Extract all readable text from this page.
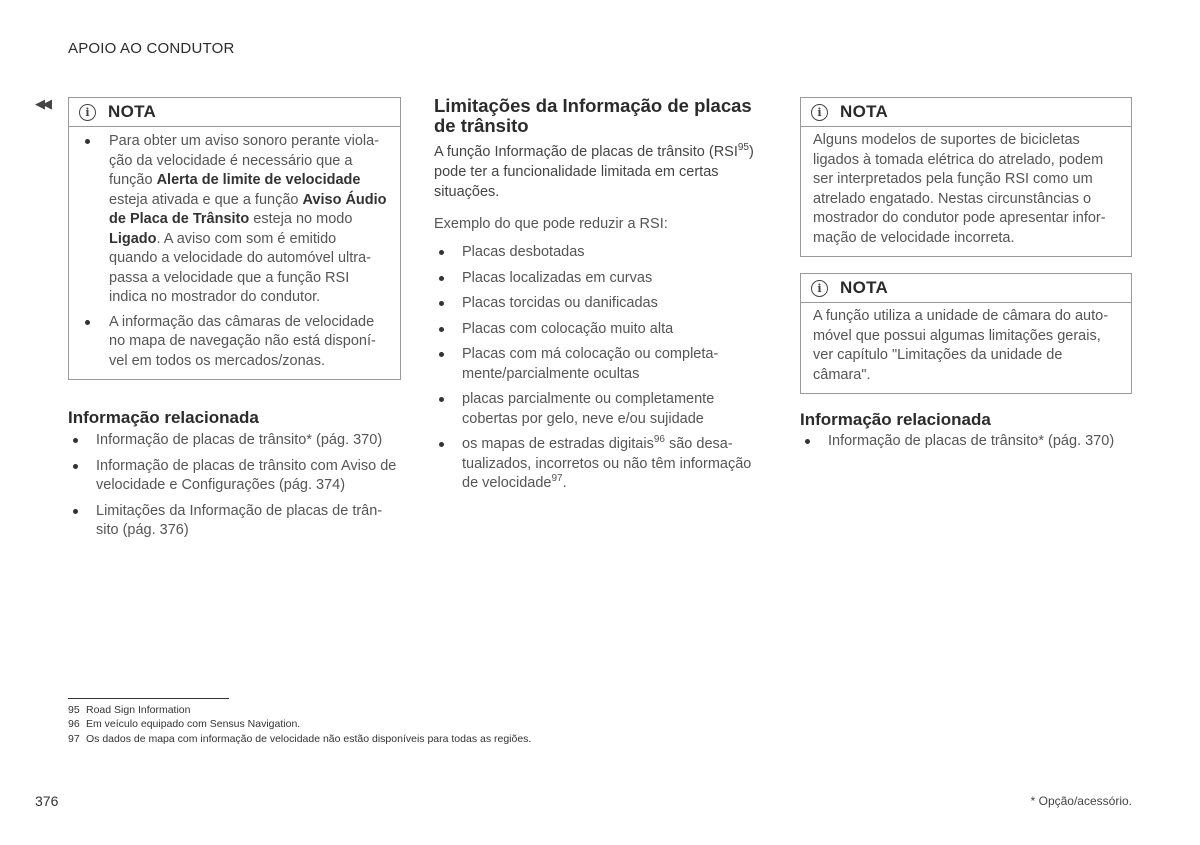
APOIO AO CONDUTOR
◀◀
i	NOTA
Para obter um aviso sonoro perante viola-ção da velocidade é necessário que a função Alerta de limite de velocidade esteja ativada e que a função Aviso Áudio de Placa de Trânsito esteja no modo Ligado. A aviso com som é emitido quando a velocidade do automóvel ultra-passa a velocidade que a função RSI indica no mostrador do condutor.
A informação das câmaras de velocidade no mapa de navegação não está disponí-vel em todos os mercados/zonas.
Informação relacionada
Informação de placas de trânsito* (pág. 370)
Informação de placas de trânsito com Aviso de velocidade e Configurações (pág. 374)
Limitações da Informação de placas de trân-sito (pág. 376)
Limitações da Informação de placas de trânsito

A função Informação de placas de trânsito (RSI$^{95}$) pode ter a funcionalidade limitada em certas situações.

Exemplo do que pode reduzir a RSI:

Placas desbotadas
Placas localizadas em curvas
Placas torcidas ou danificadas
Placas com colocação muito alta
Placas com má colocação ou completa-mente/parcialmente ocultas
placas parcialmente ou completamente cobertas por gelo, neve e/ou sujidade
os mapas de estradas digitais$^{96}$ são desa-tualizados, incorretos ou não têm informação de velocidade$^{97}$.
i	NOTA
Alguns modelos de suportes de bicicletas ligados à tomada elétrica do atrelado, podem ser interpretados pela função RSI como um atrelado engatado. Nestas circunstâncias o mostrador do condutor pode apresentar infor-mação de velocidade incorreta.
i	NOTA
A função utiliza a unidade de câmara do auto-móvel que possui algumas limitações gerais, ver capítulo "Limitações da unidade de câmara".
Informação relacionada
Informação de placas de trânsito* (pág. 370)
95 Road Sign Information
96 Em veículo equipado com Sensus Navigation.
97 Os dados de mapa com informação de velocidade não estão disponíveis para todas as regiões.
376	* Opção/acessório.
